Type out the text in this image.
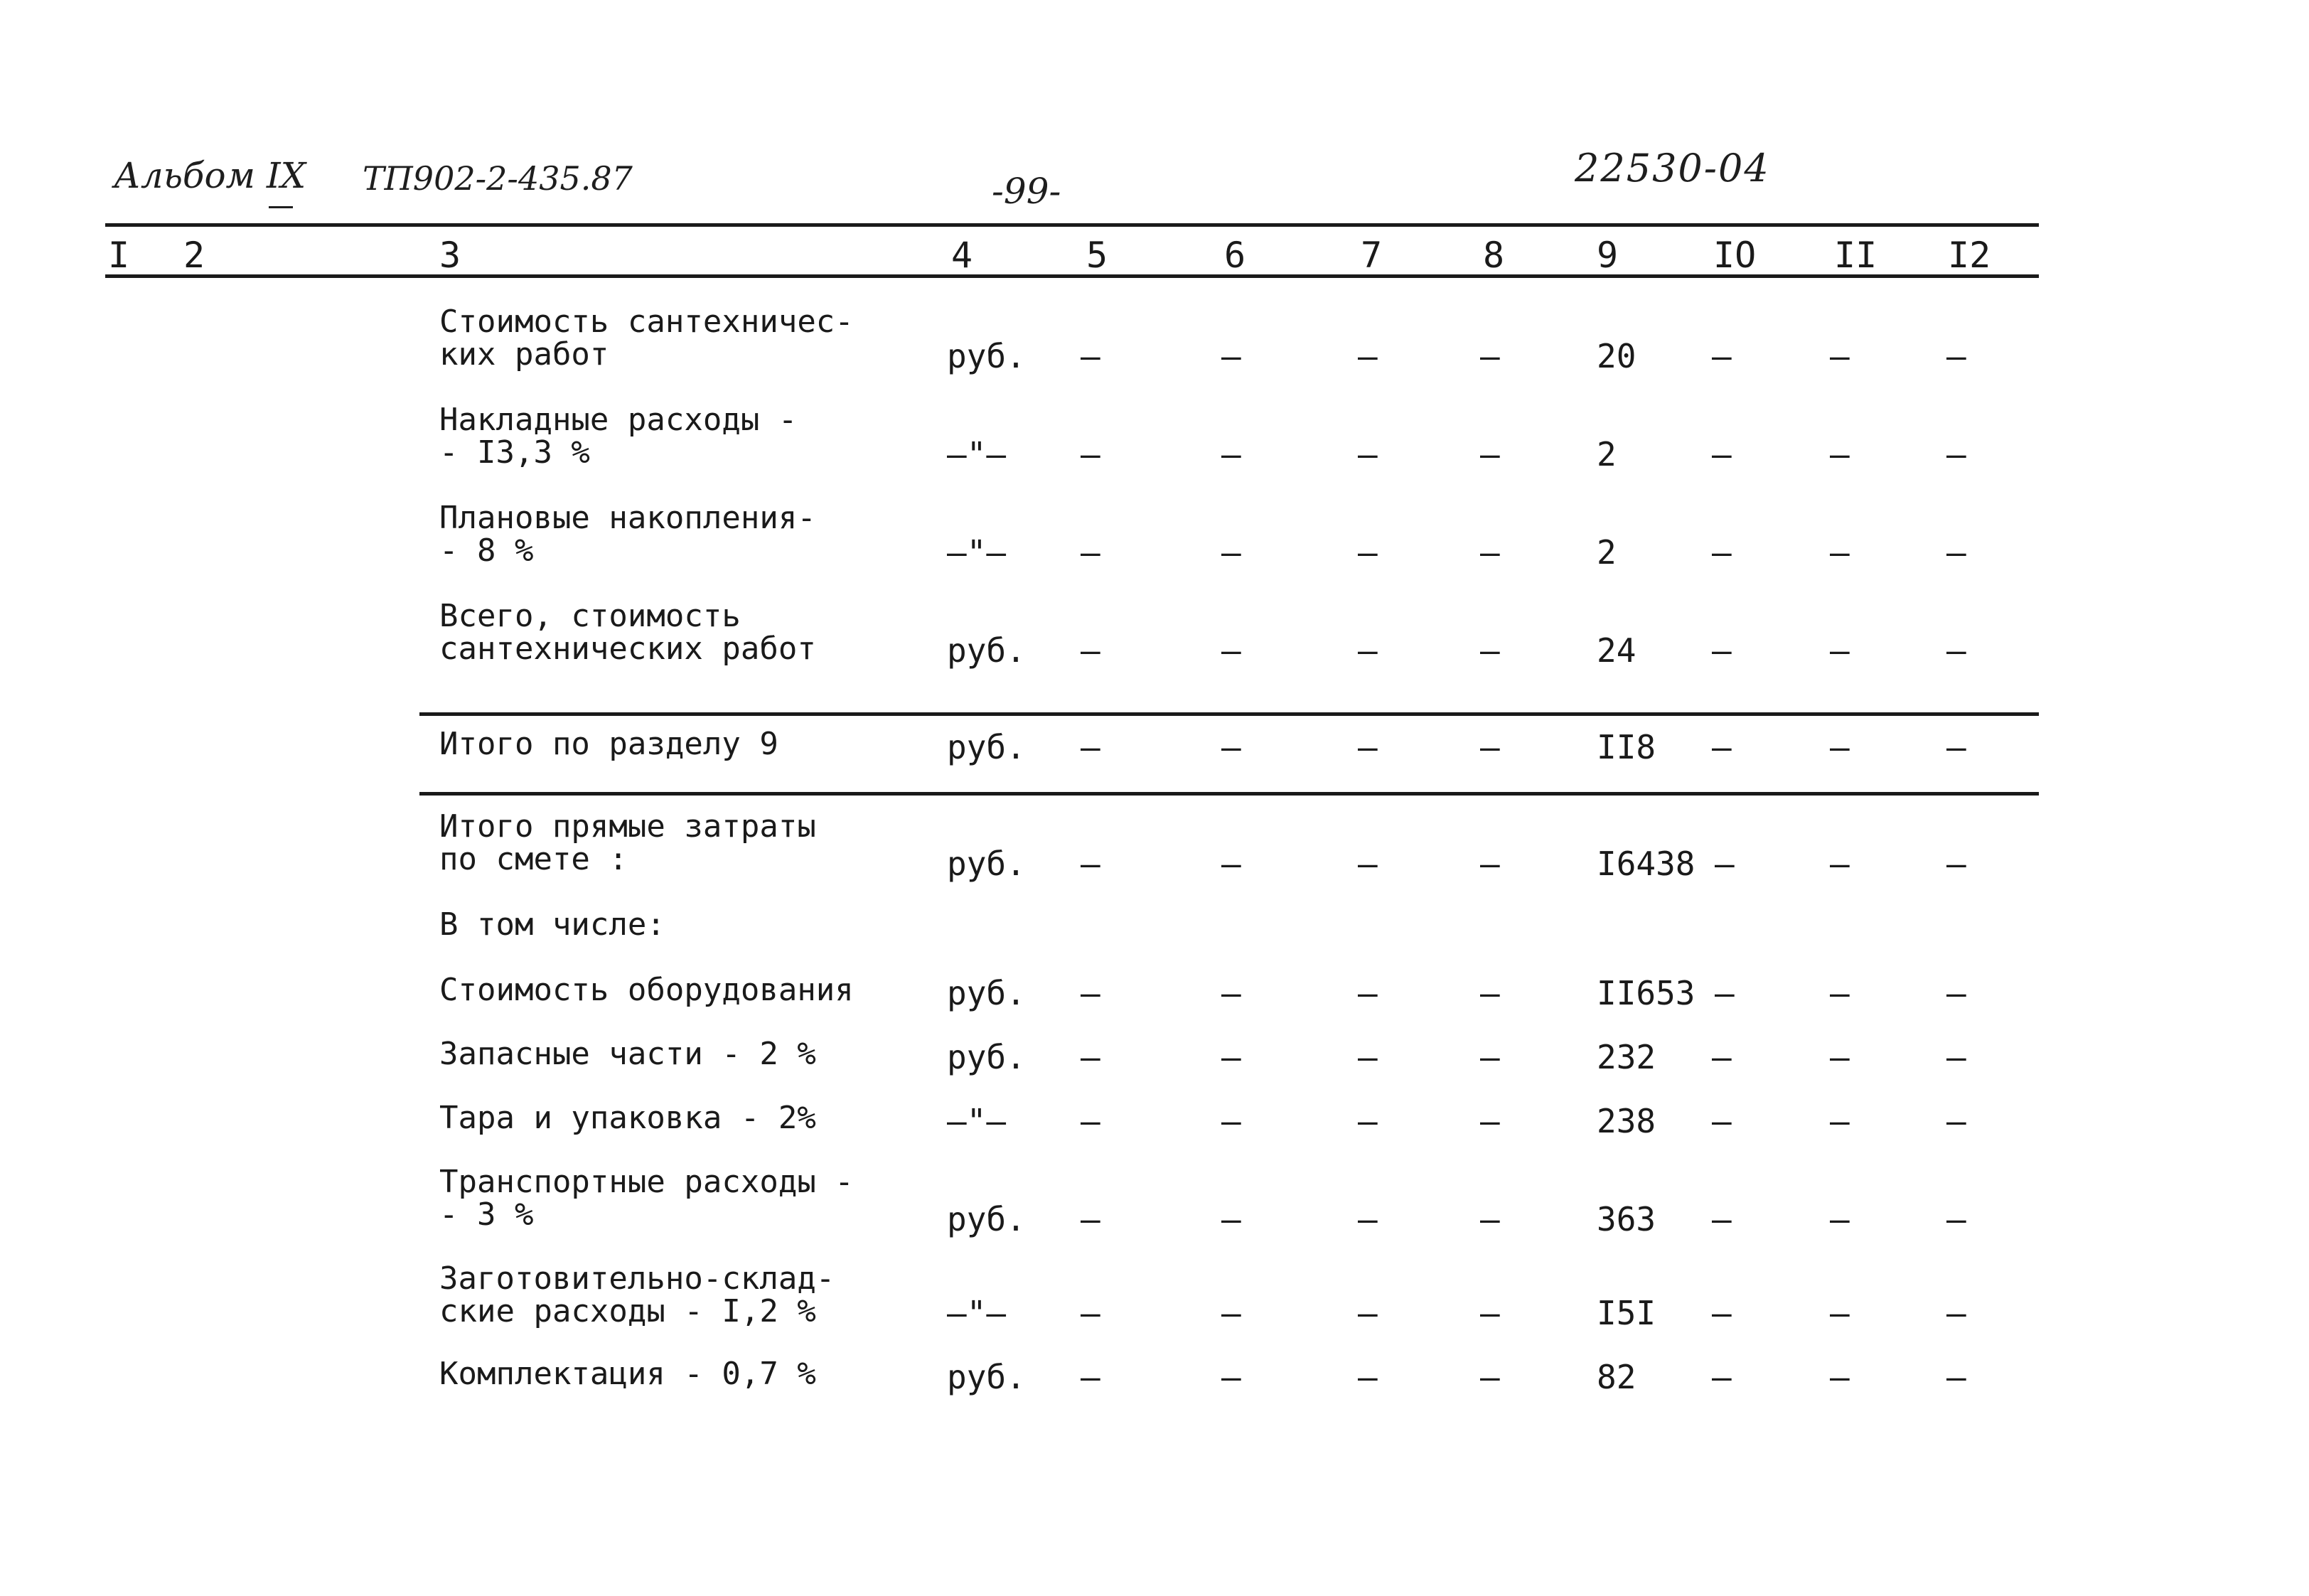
Альбом IX ТП902-2-435.87	-99-
22530-04
I 2	3	4	5	6	7	8	9	IO II I2
Стоимость сантехничес-
ких работ	руб. –	–	–	–	20 –	–	–
Накладные расходы -
- I3,3 %	–"– –	–	–	–	2	–	–	–
Плановые накопления-
- 8 %	–"– –	–	–	–	2	–	–	–
Всего, стоимость
сантехнических работ	руб. –	–	–	–	24 –	–	–
Итого по разделу 9	руб. –	–	–	–	II8 –	–	–
Итого прямые затраты
по смете :	руб. –	–	–	–	I6438 –	–	–
В том числе:
Стоимость оборудования	руб. –	–	–	–	II653 –	–	–
Запасные части - 2 %	руб. –	–	–	–	232 –	–	–
Тара и упаковка - 2%	–"– –	–	–	–	238 –	–	–
Транспортные расходы -
- 3 %	руб. –	–	–	–	363 –	–	–
Заготовительно-склад-
ские расходы - I,2 %	–"– –	–	–	–	I5I –	–	–
Комплектация - 0,7 %	руб. –	–	–	–	82 –	–	–
